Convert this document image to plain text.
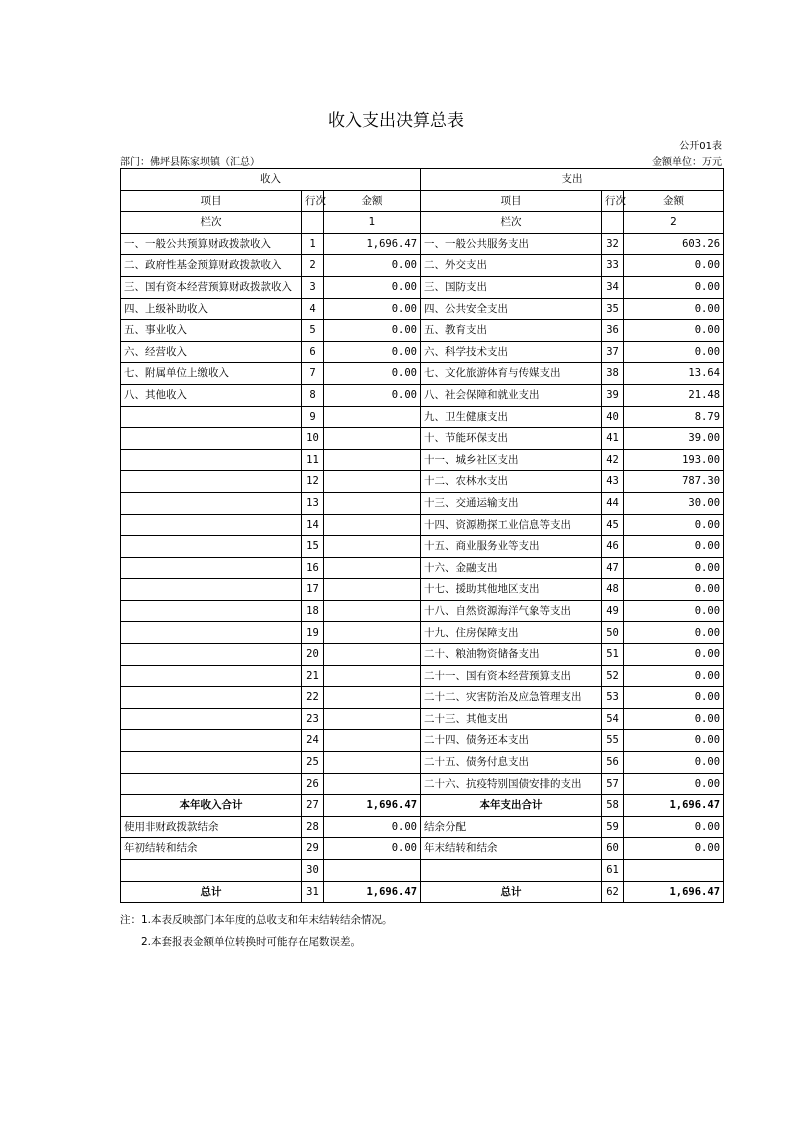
收入支出决算总表
公开01表
部门：佛坪县陈家坝镇（汇总）	金额单位：万元
收入			支出		
项目	行次	金额	项目	行次	金额
栏次		1	栏次		2
一、一般公共预算财政拨款收入	1	1,696.47	一、一般公共服务支出	32	603.26
二、政府性基金预算财政拨款收入	2	0.00	二、外交支出	33	0.00
三、国有资本经营预算财政拨款收入	3	0.00	三、国防支出	34	0.00
四、上级补助收入	4	0.00	四、公共安全支出	35	0.00
五、事业收入	5	0.00	五、教育支出	36	0.00
六、经营收入	6	0.00	六、科学技术支出	37	0.00
七、附属单位上缴收入	7	0.00	七、文化旅游体育与传媒支出	38	13.64
八、其他收入	8	0.00	八、社会保障和就业支出	39	21.48
	9		九、卫生健康支出	40	8.79
	10		十、节能环保支出	41	39.00
	11		十一、城乡社区支出	42	193.00
	12		十二、农林水支出	43	787.30
	13		十三、交通运输支出	44	30.00
	14		十四、资源勘探工业信息等支出	45	0.00
	15		十五、商业服务业等支出	46	0.00
	16		十六、金融支出	47	0.00
	17		十七、援助其他地区支出	48	0.00
	18		十八、自然资源海洋气象等支出	49	0.00
	19		十九、住房保障支出	50	0.00
	20		二十、粮油物资储备支出	51	0.00
	21		二十一、国有资本经营预算支出	52	0.00
	22		二十二、灾害防治及应急管理支出	53	0.00
	23		二十三、其他支出	54	0.00
	24		二十四、债务还本支出	55	0.00
	25		二十五、债务付息支出	56	0.00
	26		二十六、抗疫特别国债安排的支出	57	0.00
本年收入合计	27	1,696.47	本年支出合计	58	1,696.47
使用非财政拨款结余	28	0.00	结余分配	59	0.00
年初结转和结余	29	0.00	年末结转和结余	60	0.00
	30			61	
总计	31	1,696.47	总计	62	1,696.47
注：1.本表反映部门本年度的总收支和年末结转结余情况。
2.本套报表金额单位转换时可能存在尾数误差。
